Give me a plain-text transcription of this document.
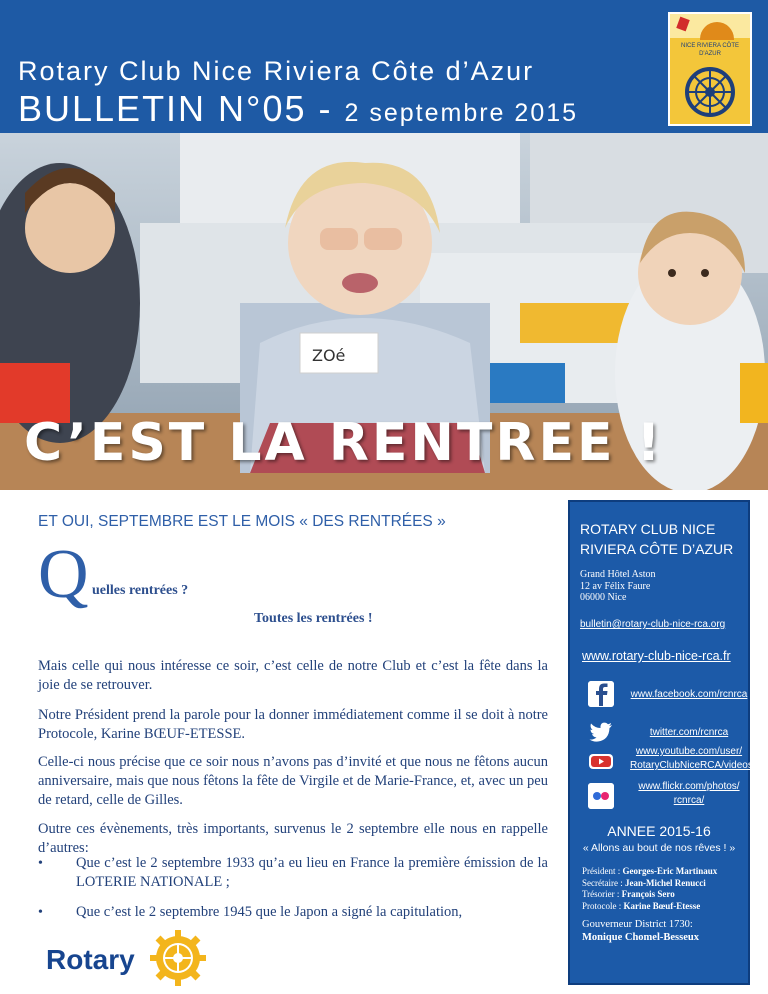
Rotary Club Nice Riviera Côte d’Azur
BULLETIN N°05 - 2 septembre 2015
NICE RIVIERA CÔTE D'AZUR
ZOé
C’EST LA RENTREE !
ET OUI, SEPTEMBRE EST LE MOIS « DES RENTRÉES »
Q uelles rentrées ?
Toutes les rentrées !

Mais celle qui nous intéresse ce soir, c’est celle de notre Club et c’est la fête dans la joie de se retrouver.

Notre Président prend la parole pour la donner immédiatement comme il se doit à notre Protocole, Karine BŒUF-ETESSE.

Celle-ci nous précise que ce soir nous n’avons pas d’invité et que nous ne fêtons aucun anniversaire, mais que nous fêtons la fête de Virgile et de Marie-France, et, avec un peu de retard, celle de Gilles.

Outre ces évènements, très importants, survenus le 2 septembre elle nous en rappelle d’autres:

• Que c’est le 2 septembre 1933 qu’a eu lieu en France la première émission de la LOTERIE NATIONALE ;
• Que c’est le 2 septembre 1945 que le Japon a signé la capitulation,
Rotary
ROTARY CLUB NICE RIVIERA CÔTE D’AZUR
Grand Hôtel Aston
12 av Félix Faure
06000 Nice
bulletin@rotary-club-nice-rca.org
www.rotary-club-nice-rca.fr
www.facebook.com/rcnrca
twitter.com/rcnrca
www.youtube.com/user/
RotaryClubNiceRCA/videos
www.flickr.com/photos/
rcnrca/
ANNEE 2015-16
« Allons au bout de nos rêves ! »
Président : Georges-Eric Martinaux
Secrétaire : Jean-Michel Renucci
Trésorier : François Sero
Protocole : Karine Bœuf-Etesse
Gouverneur District 1730:
Monique Chomel-Besseux
